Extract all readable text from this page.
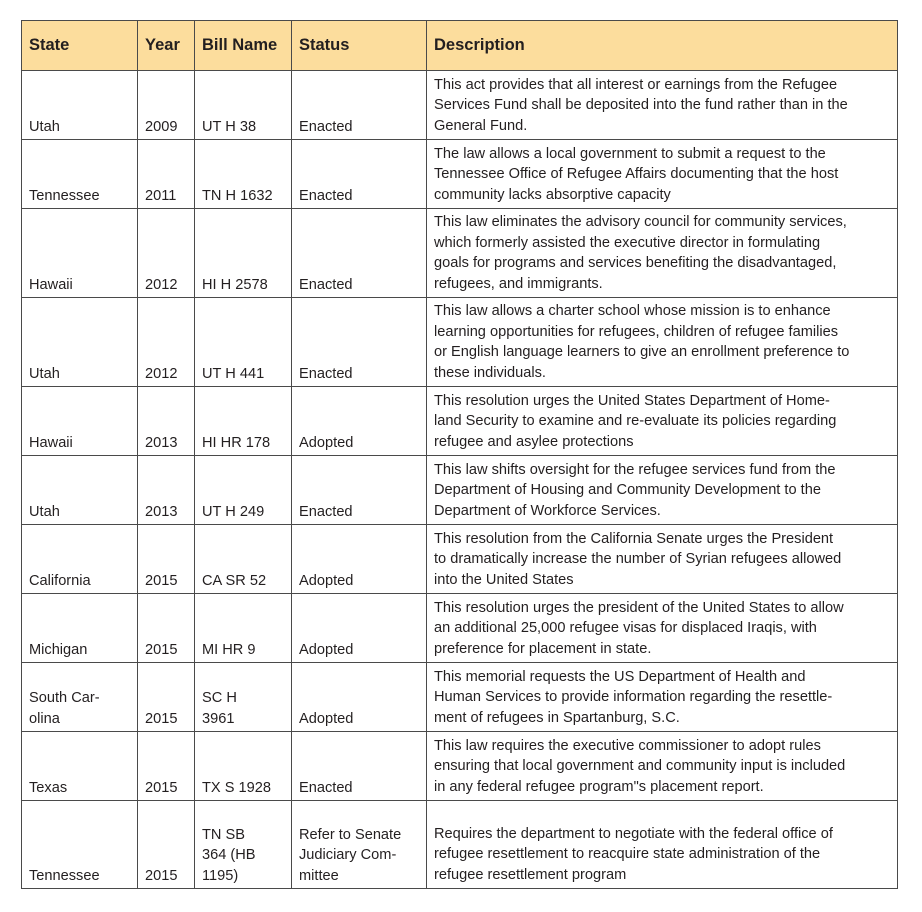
State	Year	Bill Name	Status	Description

Utah	2009	UT H 38	Enacted	This act provides that all interest or earnings from the Refugee
Services Fund shall be deposited into the fund rather than in the
General Fund.

Tennessee	2011	TN H 1632	Enacted	The law allows a local government to submit a request to the
Tennessee Office of Refugee Affairs documenting that the host
community lacks absorptive capacity

Hawaii	2012	HI H 2578	Enacted	This law eliminates the advisory council for community services,
which formerly assisted the executive director in formulating
goals for programs and services benefiting the disadvantaged,
refugees, and immigrants.

Utah	2012	UT H 441	Enacted	This law allows a charter school whose mission is to enhance
learning opportunities for refugees, children of refugee families
or English language learners to give an enrollment preference to
these individuals.

Hawaii	2013	HI HR 178	Adopted	This resolution urges the United States Department of Home-
land Security to examine and re-evaluate its policies regarding
refugee and asylee protections

Utah	2013	UT H 249	Enacted	This law shifts oversight for the refugee services fund from the
Department of Housing and Community Development to the
Department of Workforce Services.

California	2015	CA SR 52	Adopted	This resolution from the California Senate urges the President
to dramatically increase the number of Syrian refugees allowed
into the United States

Michigan	2015	MI HR 9	Adopted	This resolution urges the president of the United States to allow
an additional 25,000 refugee visas for displaced Iraqis, with
preference for placement in state.

South Car-
olina	2015	SC H
3961	Adopted	This memorial requests the US Department of Health and
Human Services to provide information regarding the resettle-
ment of refugees in Spartanburg, S.C.

Texas	2015	TX S 1928	Enacted	This law requires the executive commissioner to adopt rules
ensuring that local government and community input is included
in any federal refugee program"s placement report.

Tennessee	2015	TN SB
364 (HB
1195)	Refer to Senate
Judiciary Com-
mittee	Requires the department to negotiate with the federal office of
refugee resettlement to reacquire state administration of the
refugee resettlement program
